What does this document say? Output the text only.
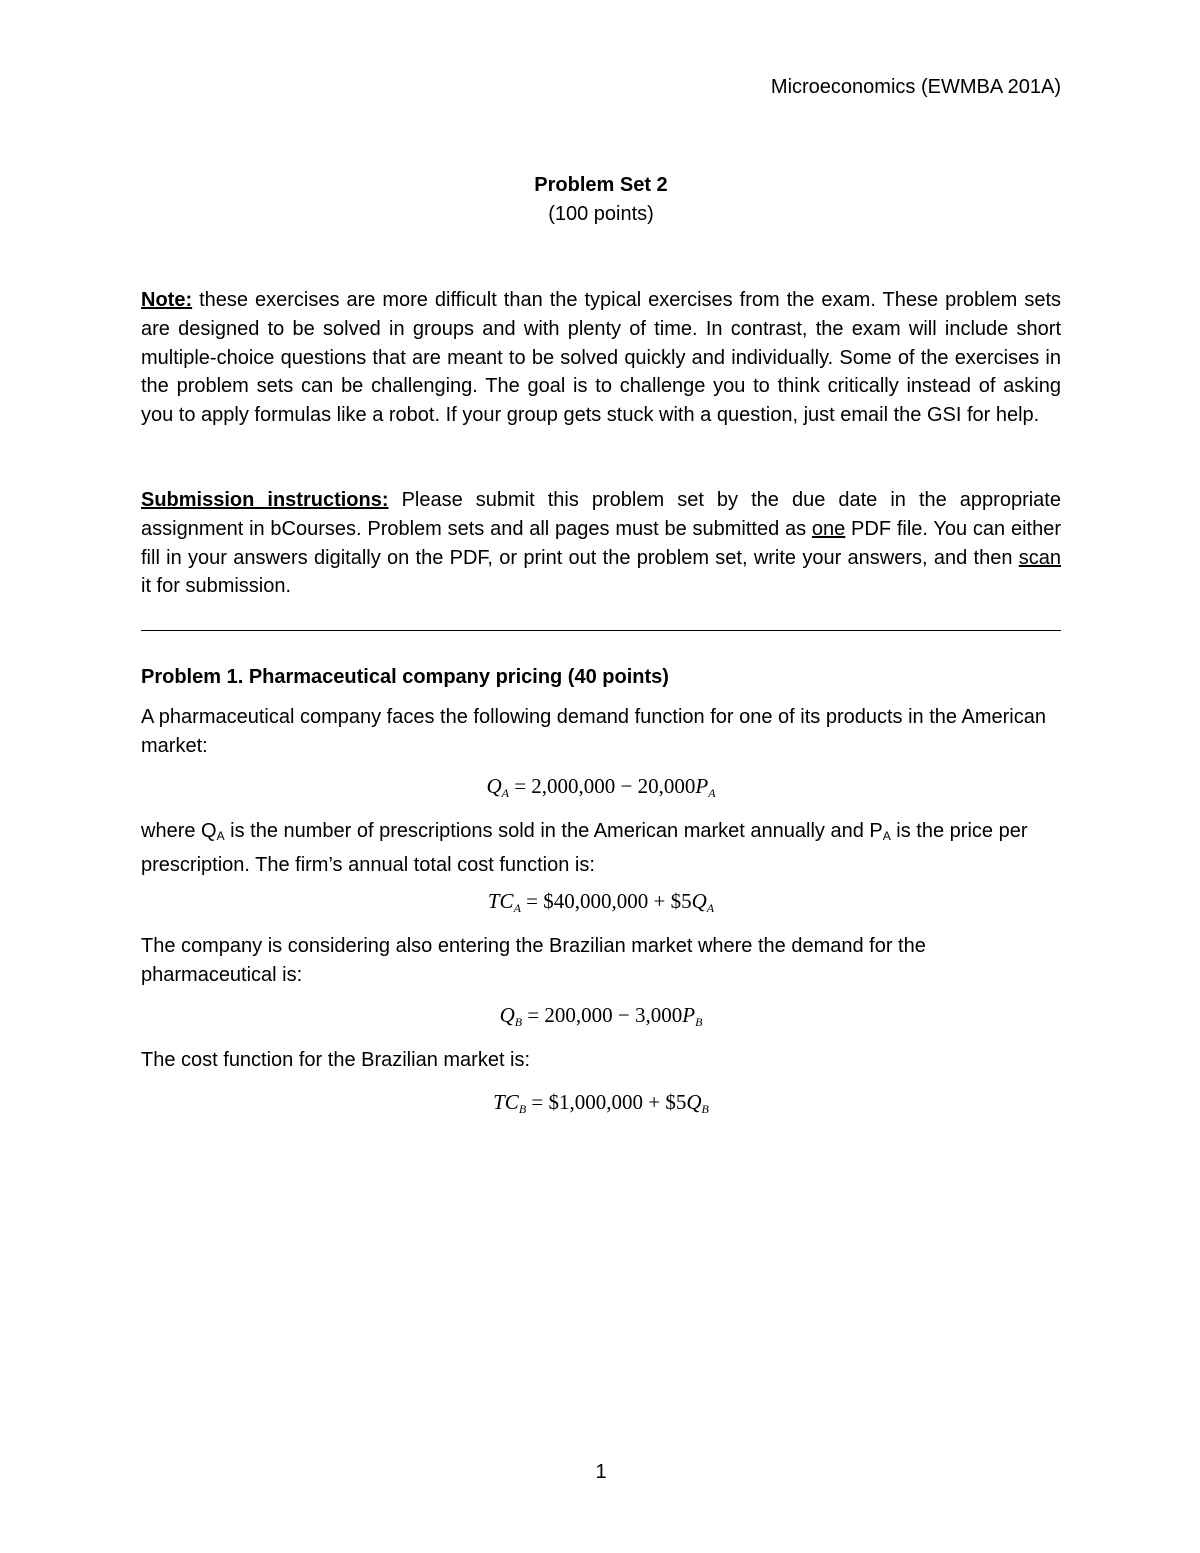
Microeconomics (EWMBA 201A)
Problem Set 2
(100 points)
Note: these exercises are more difficult than the typical exercises from the exam. These problem sets are designed to be solved in groups and with plenty of time. In contrast, the exam will include short multiple-choice questions that are meant to be solved quickly and individually. Some of the exercises in the problem sets can be challenging. The goal is to challenge you to think critically instead of asking you to apply formulas like a robot. If your group gets stuck with a question, just email the GSI for help.
Submission instructions: Please submit this problem set by the due date in the appropriate assignment in bCourses. Problem sets and all pages must be submitted as one PDF file. You can either fill in your answers digitally on the PDF, or print out the problem set, write your answers, and then scan it for submission.
Problem 1. Pharmaceutical company pricing (40 points)
A pharmaceutical company faces the following demand function for one of its products in the American market:
$Q_A = 2,000,000 - 20,000P_A$
where QA is the number of prescriptions sold in the American market annually and PA is the price per prescription. The firm’s annual total cost function is:
$TC_A$ = $40,000,000 + $\$5Q_A$
The company is considering also entering the Brazilian market where the demand for the pharmaceutical is:
$Q_B = 200,000 - 3,000P_B$
The cost function for the Brazilian market is:
$TC_B$ = $1,000,000 + $\$5Q_B$
1
